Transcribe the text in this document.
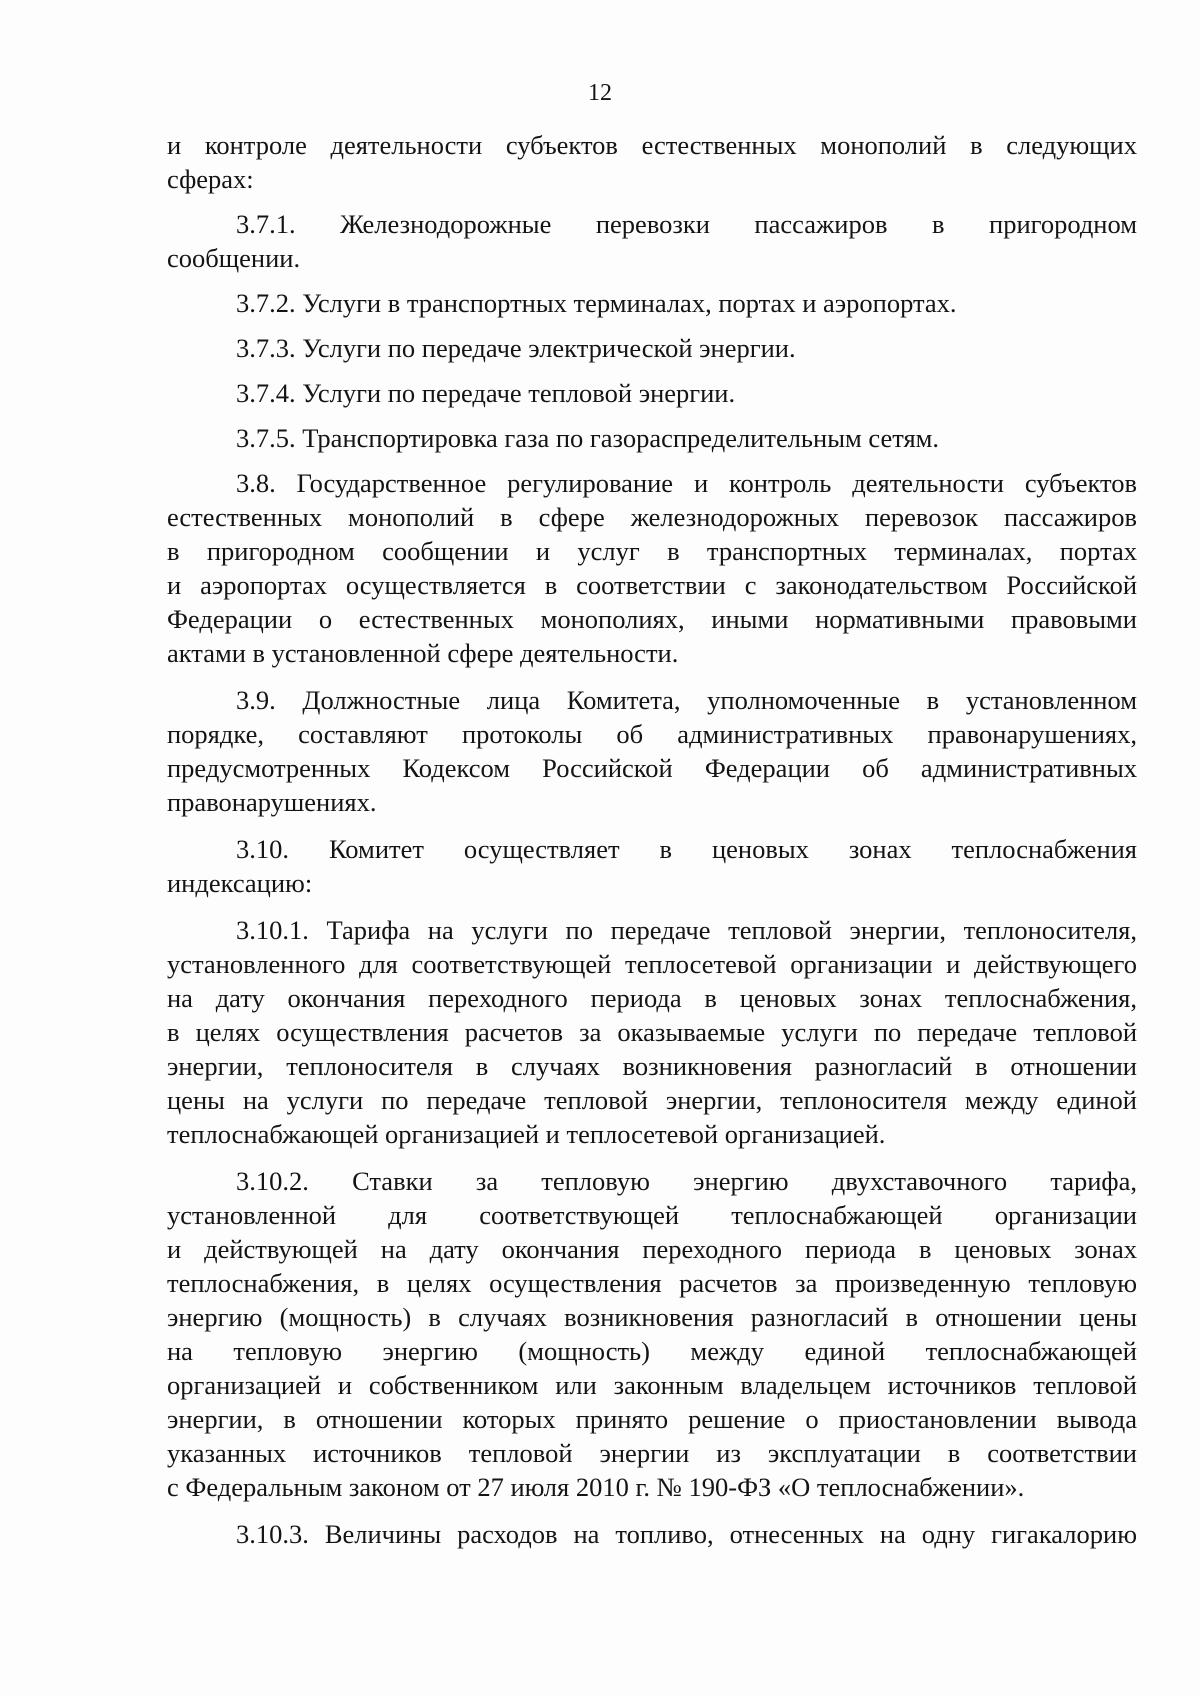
12
и контроле деятельности субъектов естественных монополий в следующих
сферах:
3.7.1. Железнодорожные перевозки пассажиров в пригородном
сообщении.
3.7.2. Услуги в транспортных терминалах, портах и аэропортах.
3.7.3. Услуги по передаче электрической энергии.
3.7.4. Услуги по передаче тепловой энергии.
3.7.5. Транспортировка газа по газораспределительным сетям.
3.8. Государственное регулирование и контроль деятельности субъектов
естественных монополий в сфере железнодорожных перевозок пассажиров
в пригородном сообщении и услуг в транспортных терминалах, портах
и аэропортах осуществляется в соответствии с законодательством Российской
Федерации о естественных монополиях, иными нормативными правовыми
актами в установленной сфере деятельности.
3.9. Должностные лица Комитета, уполномоченные в установленном
порядке, составляют протоколы об административных правонарушениях,
предусмотренных Кодексом Российской Федерации об административных
правонарушениях.
3.10. Комитет осуществляет в ценовых зонах теплоснабжения
индексацию:
3.10.1. Тарифа на услуги по передаче тепловой энергии, теплоносителя,
установленного для соответствующей теплосетевой организации и действующего
на дату окончания переходного периода в ценовых зонах теплоснабжения,
в целях осуществления расчетов за оказываемые услуги по передаче тепловой
энергии, теплоносителя в случаях возникновения разногласий в отношении
цены на услуги по передаче тепловой энергии, теплоносителя между единой
теплоснабжающей организацией и теплосетевой организацией.
3.10.2. Ставки за тепловую энергию двухставочного тарифа,
установленной для соответствующей теплоснабжающей организации
и действующей на дату окончания переходного периода в ценовых зонах
теплоснабжения, в целях осуществления расчетов за произведенную тепловую
энергию (мощность) в случаях возникновения разногласий в отношении цены
на тепловую энергию (мощность) между единой теплоснабжающей
организацией и собственником или законным владельцем источников тепловой
энергии, в отношении которых принято решение о приостановлении вывода
указанных источников тепловой энергии из эксплуатации в соответствии
с Федеральным законом от 27 июля 2010 г. № 190-ФЗ «О теплоснабжении».
3.10.3. Величины расходов на топливо, отнесенных на одну гигакалорию
